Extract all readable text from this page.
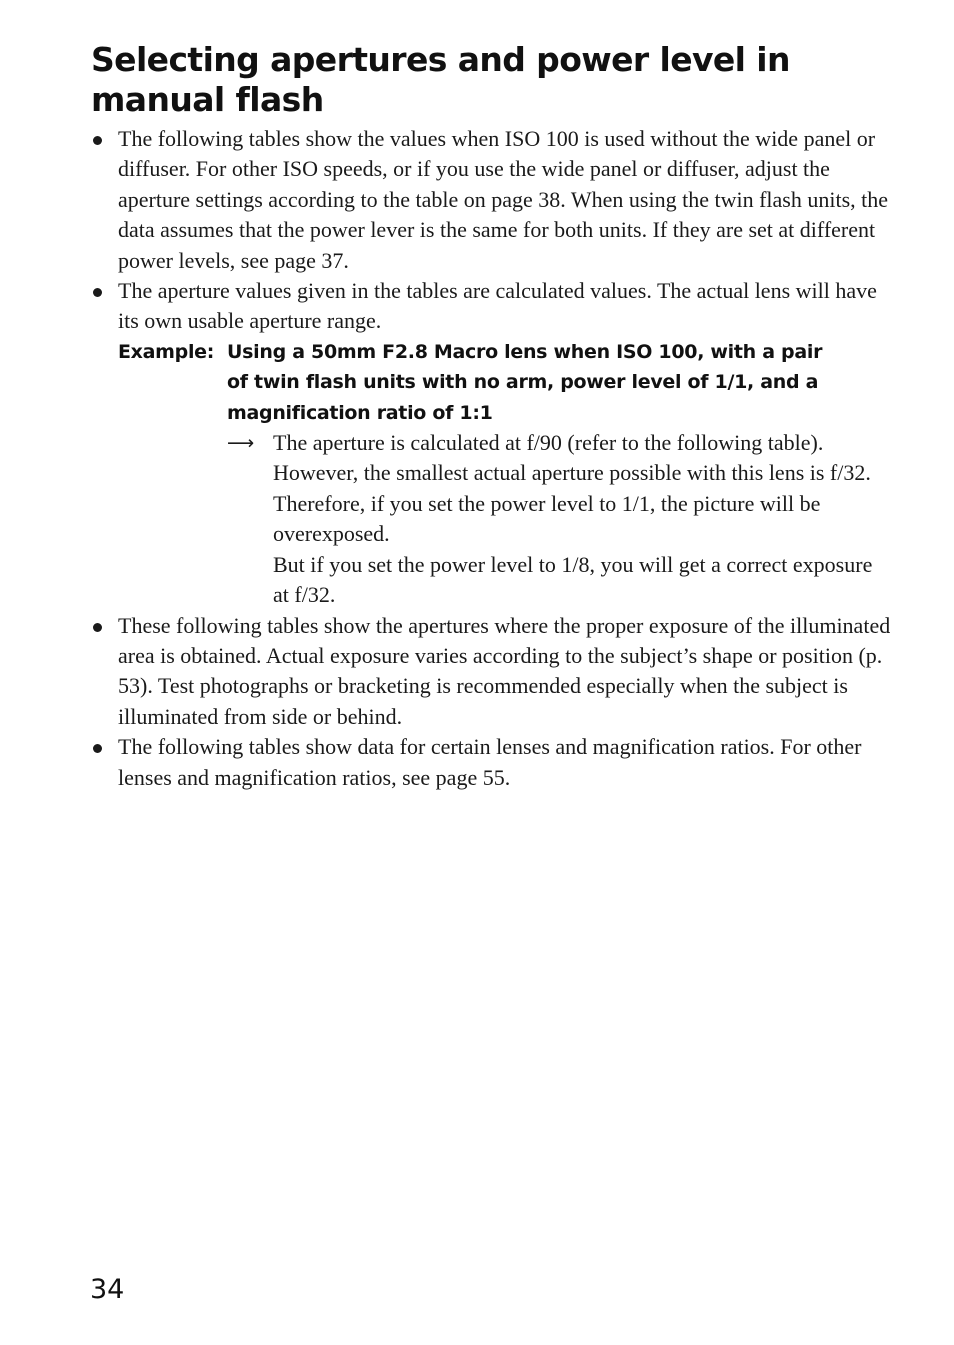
Selecting apertures and power level in manual flash
The following tables show the values when ISO 100 is used without the wide panel or diffuser. For other ISO speeds, or if you use the wide panel or diffuser, adjust the aperture settings according to the table on page 38. When using the twin flash units, the data assumes that the power lever is the same for both units. If they are set at different power levels, see page 37.
The aperture values given in the tables are calculated values. The actual lens will have its own usable aperture range.
Example: Using a 50mm F2.8 Macro lens when ISO 100, with a pair of twin flash units with no arm, power level of 1/1, and a magnification ratio of 1:1
⟶ The aperture is calculated at f/90 (refer to the following table). However, the smallest actual aperture possible with this lens is f/32.
Therefore, if you set the power level to 1/1, the picture will be overexposed.
But if you set the power level to 1/8, you will get a correct exposure at f/32.
These following tables show the apertures where the proper exposure of the illuminated area is obtained. Actual exposure varies according to the subject’s shape or position (p. 53). Test photographs or bracketing is recommended especially when the subject is illuminated from side or behind.
The following tables show data for certain lenses and magnification ratios. For other lenses and magnification ratios, see page 55.
34
